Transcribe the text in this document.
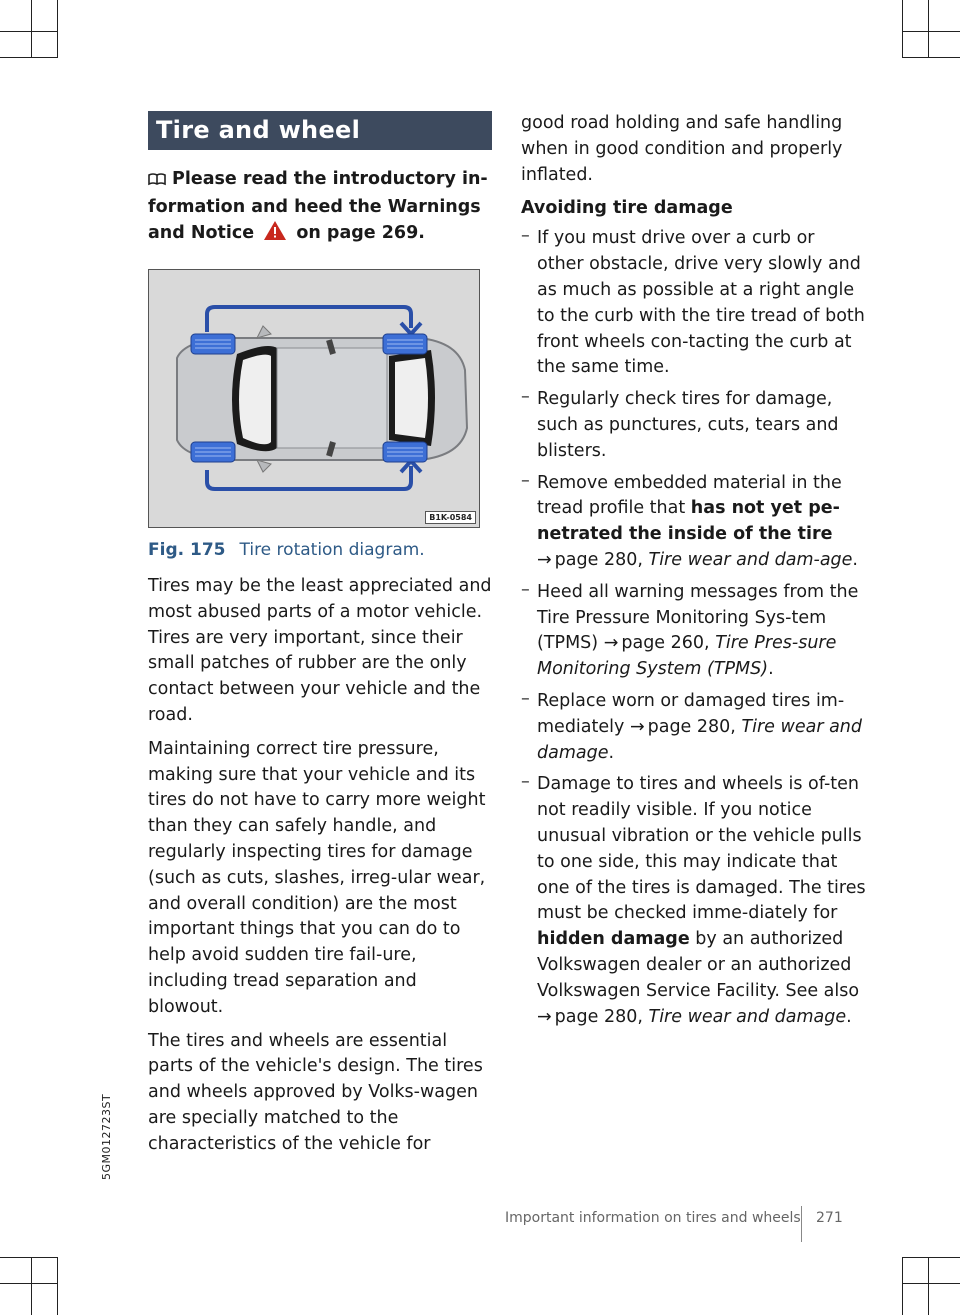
5GM012723ST
Tire and wheel handling
Please read the introductory in-
formation and heed the Warnings
and Notice on page 269.
B1K-0584
Fig. 175 Tire rotation diagram.

Tires may be the least appreciated and most abused parts of a motor vehicle. Tires are very important, since their small patches of rubber are the only contact between your vehicle and the road.

Maintaining correct tire pressure, making sure that your vehicle and its tires do not have to carry more weight than they can safely handle, and regularly inspecting tires for damage (such as cuts, slashes, irreg-ular wear, and overall condition) are the most important things that you can do to help avoid sudden tire fail-ure, including tread separation and blowout.

The tires and wheels are essential parts of the vehicle's design. The tires and wheels approved by Volks-wagen are specially matched to the characteristics of the vehicle for

good road holding and safe handling when in good condition and properly inflated.

Avoiding tire damage
– If you must drive over a curb or other obstacle, drive very slowly and as much as possible at a right angle to the curb with the tire tread of both front wheels con-tacting the curb at the same time.
– Regularly check tires for damage, such as punctures, cuts, tears and blisters.
– Remove embedded material in the tread profile that has not yet pe-netrated the inside of the tire
→ page 280, Tire wear and dam-age.
– Heed all warning messages from the Tire Pressure Monitoring Sys-tem (TPMS) → page 260, Tire Pres-sure Monitoring System (TPMS).
– Replace worn or damaged tires im-mediately → page 280, Tire wear and damage.
– Damage to tires and wheels is of-ten not readily visible. If you notice unusual vibration or the vehicle pulls to one side, this may indicate that one of the tires is damaged. The tires must be checked imme-diately for hidden damage by an authorized Volkswagen dealer or an authorized Volkswagen Service Facility. See also → page 280, Tire wear and damage.
Important information on tires and wheels 271
